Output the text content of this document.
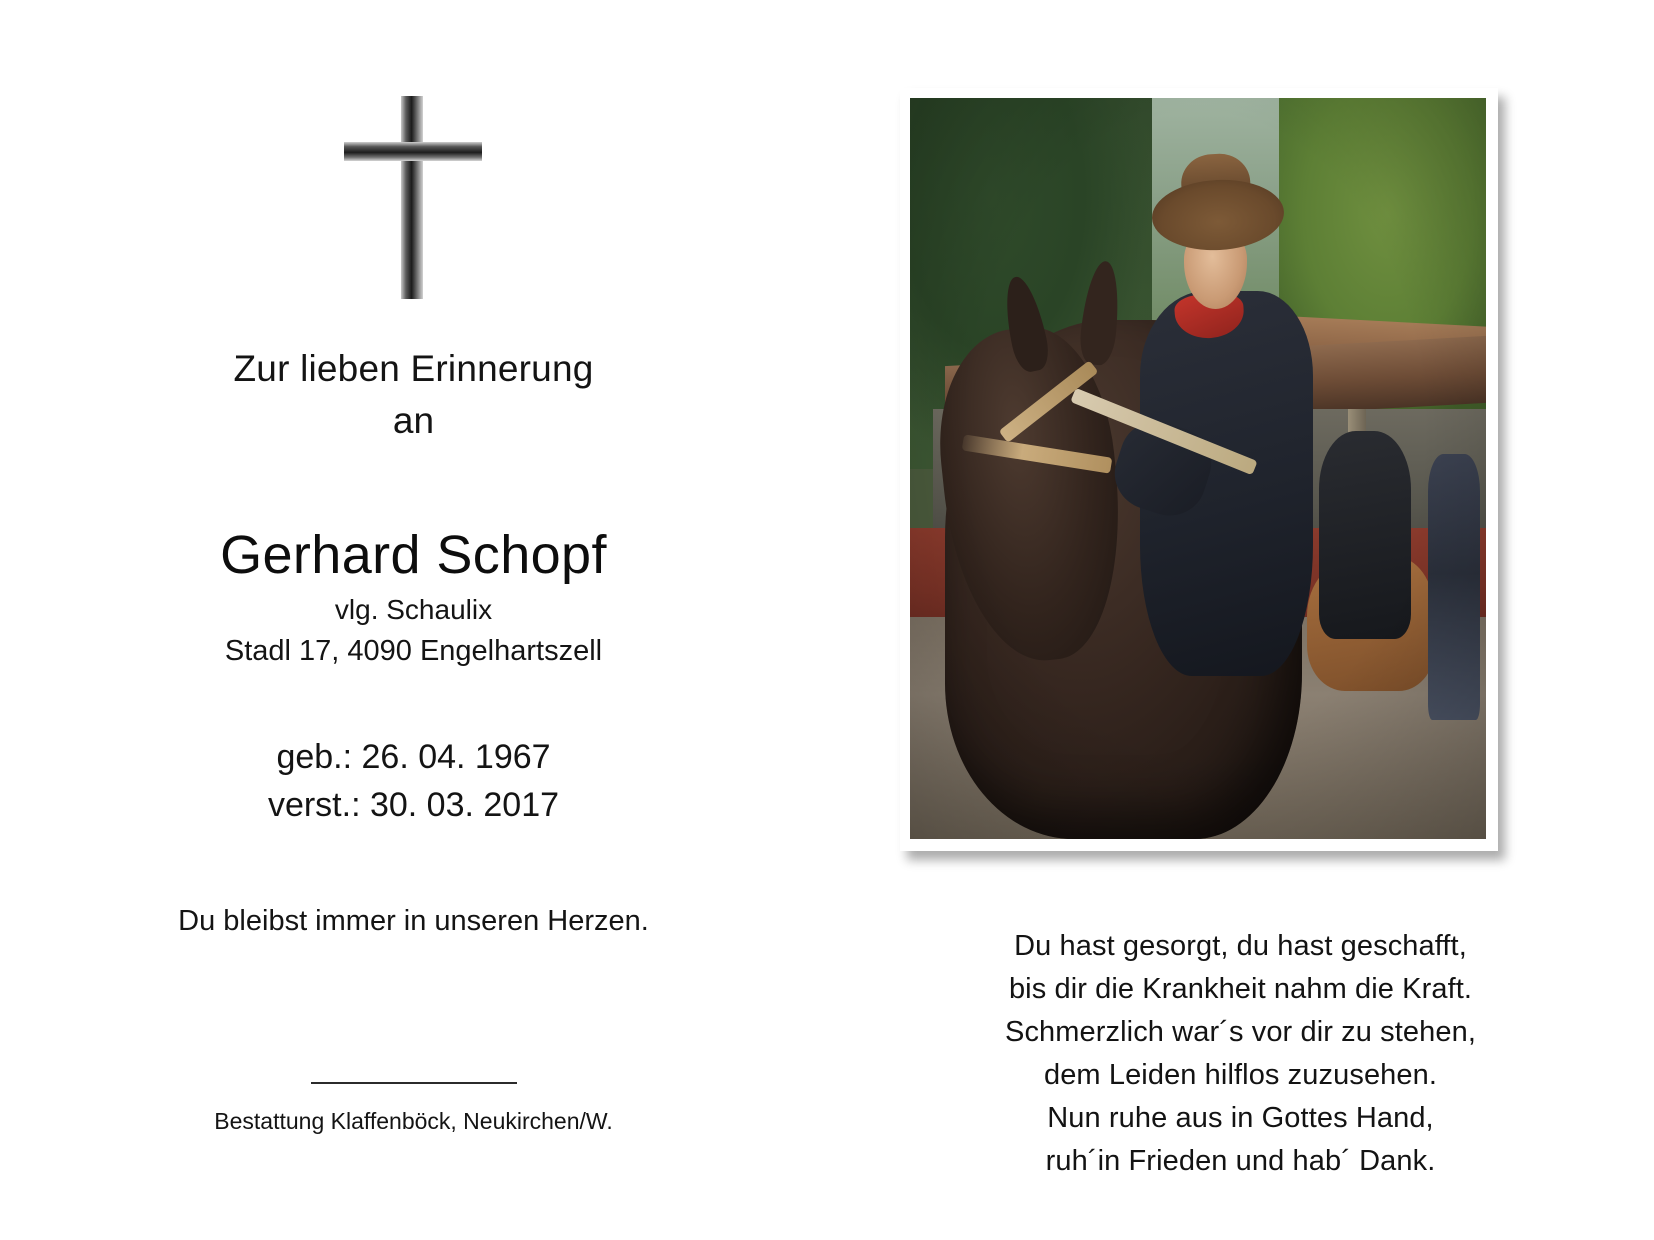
Zur lieben Erinnerung
an
Gerhard Schopf
vlg. Schaulix
Stadl 17, 4090 Engelhartszell
geb.: 26. 04. 1967
verst.: 30. 03. 2017
Du bleibst immer in unseren Herzen.
Bestattung Klaffenböck, Neukirchen/W.
Du hast gesorgt, du hast geschafft,
bis dir die Krankheit nahm die Kraft.
Schmerzlich war´s vor dir zu stehen,
dem Leiden hilflos zuzusehen.
Nun ruhe aus in Gottes Hand,
ruh´in Frieden und hab´ Dank.
